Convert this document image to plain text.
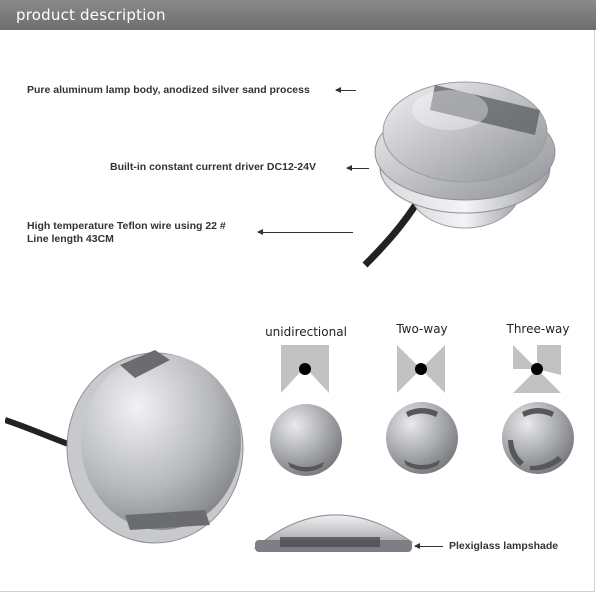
product description
Pure aluminum lamp body, anodized silver sand process
Built-in constant current driver DC12-24V
High temperature Teflon wire using 22 #
Line length 43CM
unidirectional	Two-way	Three-way
Plexiglass lampshade
